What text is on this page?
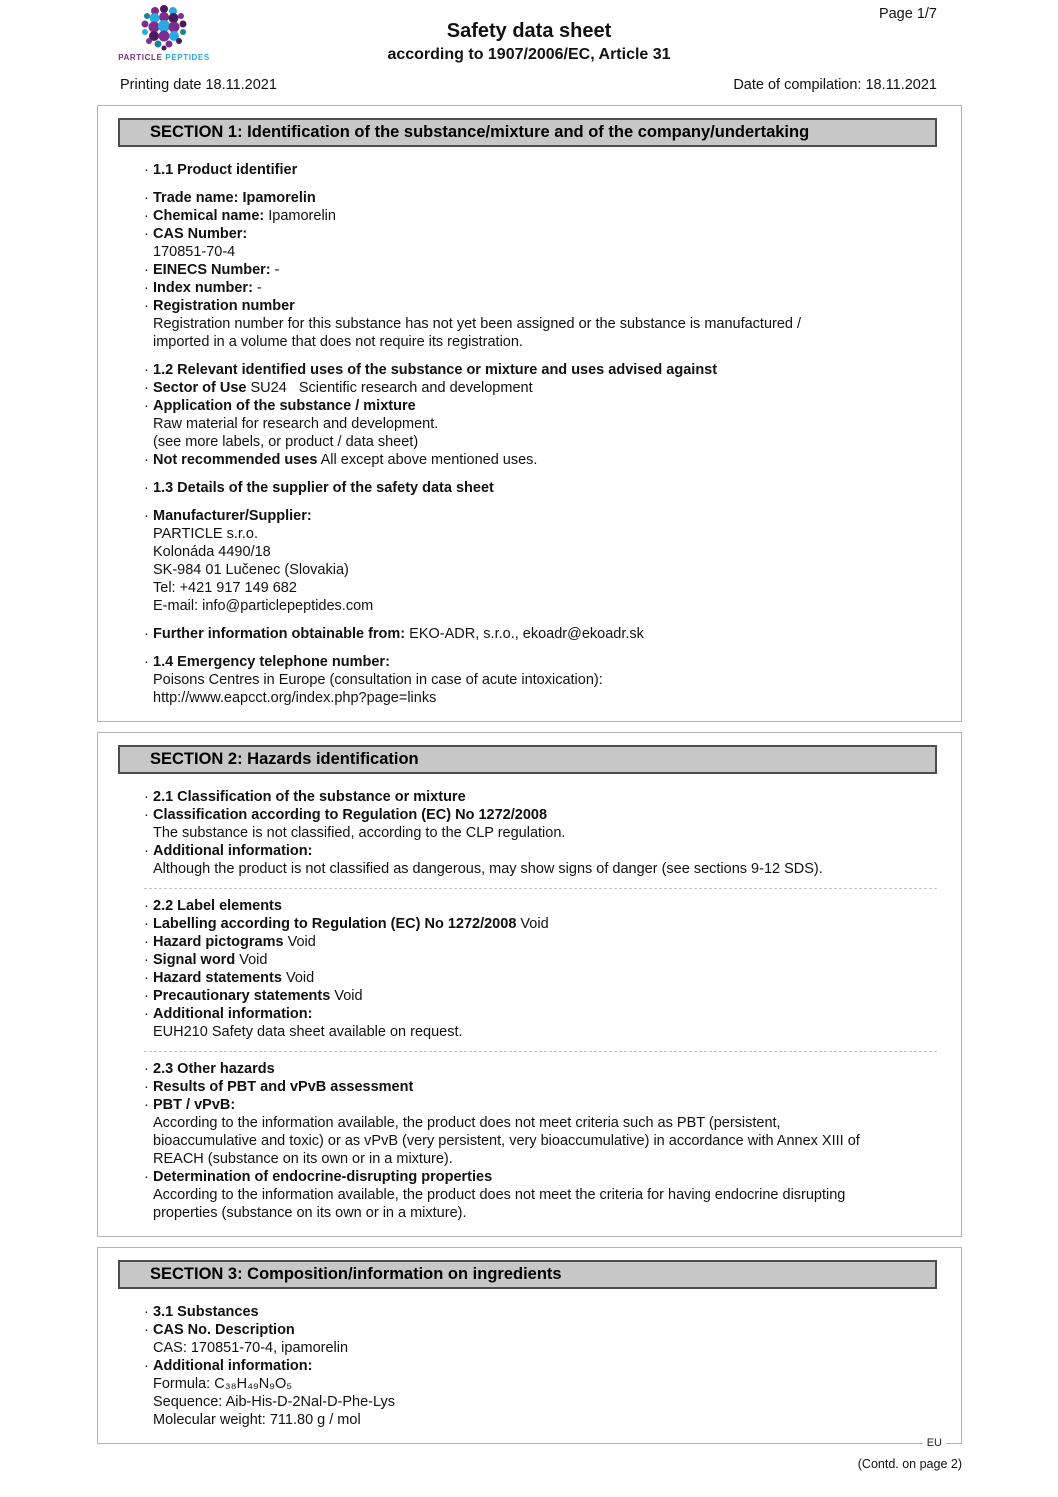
Page 1/7
PARTICLE PEPTIDES
Safety data sheet
according to 1907/2006/EC, Article 31
Printing date 18.11.2021	Date of compilation: 18.11.2021
SECTION 1: Identification of the substance/mixture and of the company/undertaking
· 1.1 Product identifier
· Trade name: Ipamorelin
· Chemical name: Ipamorelin
· CAS Number:
170851-70-4
· EINECS Number: -
· Index number: -
· Registration number
Registration number for this substance has not yet been assigned or the substance is manufactured /
imported in a volume that does not require its registration.
· 1.2 Relevant identified uses of the substance or mixture and uses advised against
· Sector of Use SU24   Scientific research and development
· Application of the substance / mixture
Raw material for research and development.
(see more labels, or product / data sheet)
· Not recommended uses All except above mentioned uses.
· 1.3 Details of the supplier of the safety data sheet
· Manufacturer/Supplier:
PARTICLE s.r.o.
Kolonáda 4490/18
SK-984 01 Lučenec (Slovakia)
Tel: +421 917 149 682
E-mail: info@particlepeptides.com
· Further information obtainable from: EKO-ADR, s.r.o., ekoadr@ekoadr.sk
· 1.4 Emergency telephone number:
Poisons Centres in Europe (consultation in case of acute intoxication):
http://www.eapcct.org/index.php?page=links
SECTION 2: Hazards identification
· 2.1 Classification of the substance or mixture
· Classification according to Regulation (EC) No 1272/2008
The substance is not classified, according to the CLP regulation.
· Additional information:
Although the product is not classified as dangerous, may show signs of danger (see sections 9-12 SDS).
· 2.2 Label elements
· Labelling according to Regulation (EC) No 1272/2008 Void
· Hazard pictograms Void
· Signal word Void
· Hazard statements Void
· Precautionary statements Void
· Additional information:
EUH210 Safety data sheet available on request.
· 2.3 Other hazards
· Results of PBT and vPvB assessment
· PBT / vPvB:
According to the information available, the product does not meet criteria such as PBT (persistent,
bioaccumulative and toxic) or as vPvB (very persistent, very bioaccumulative) in accordance with Annex XIII of
REACH (substance on its own or in a mixture).
· Determination of endocrine-disrupting properties
According to the information available, the product does not meet the criteria for having endocrine disrupting
properties (substance on its own or in a mixture).
SECTION 3: Composition/information on ingredients
· 3.1 Substances
· CAS No. Description
CAS: 170851-70-4, ipamorelin
· Additional information:
Formula: C₃₈H₄₉N₉O₅
Sequence: Aib-His-D-2Nal-D-Phe-Lys
Molecular weight: 711.80 g / mol
EU
(Contd. on page 2)
